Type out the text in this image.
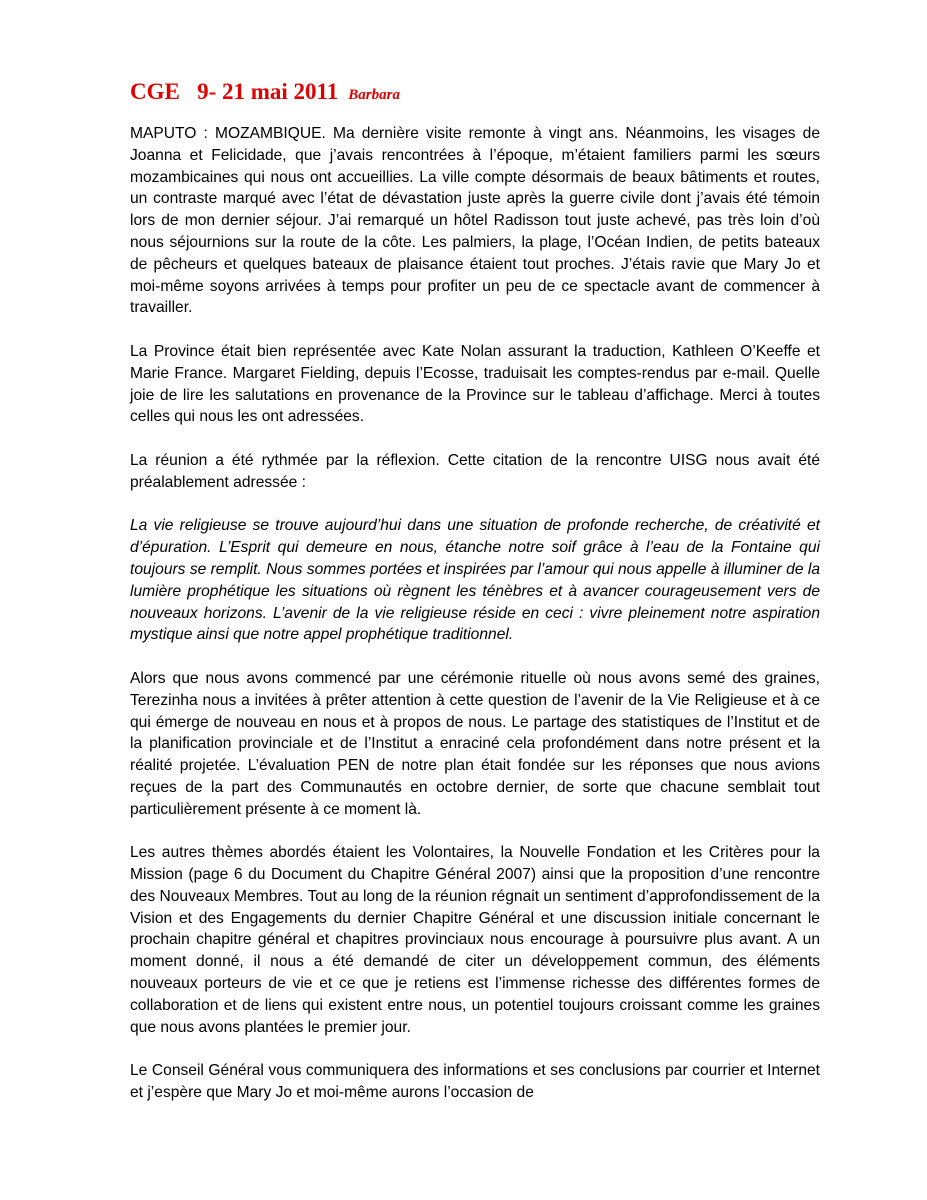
CGE   9- 21 mai 2011 Barbara

MAPUTO : MOZAMBIQUE. Ma dernière visite remonte à vingt ans. Néanmoins, les visages de Joanna et Felicidade, que j’avais rencontrées à l’époque, m’étaient familiers parmi les sœurs mozambicaines qui nous ont accueillies. La ville compte désormais de beaux bâtiments et routes, un contraste marqué avec l’état de dévastation juste après la guerre civile dont j’avais été témoin lors de mon dernier séjour. J’ai remarqué un hôtel Radisson tout juste achevé, pas très loin d’où nous séjournions sur la route de la côte. Les palmiers, la plage, l’Océan Indien, de petits bateaux de pêcheurs et quelques bateaux de plaisance étaient tout proches. J’étais ravie que Mary Jo et moi-même soyons arrivées à temps pour profiter un peu de ce spectacle avant de commencer à travailler.

La Province était bien représentée avec Kate Nolan assurant la traduction, Kathleen O’Keeffe et Marie France. Margaret Fielding, depuis l’Ecosse, traduisait les comptes-rendus par e-mail. Quelle joie de lire les salutations en provenance de la Province sur le tableau d’affichage. Merci à toutes celles qui nous les ont adressées.

La réunion a été rythmée par la réflexion. Cette citation de la rencontre UISG nous avait été préalablement adressée :

La vie religieuse se trouve aujourd’hui dans une situation de profonde recherche, de créativité et d’épuration. L’Esprit qui demeure en nous, étanche notre soif grâce à l’eau de la Fontaine qui toujours se remplit. Nous sommes portées et inspirées par l’amour qui nous appelle à illuminer de la lumière prophétique les situations où règnent les ténèbres et à avancer courageusement vers de nouveaux horizons. L’avenir de la vie religieuse réside en ceci : vivre pleinement notre aspiration mystique ainsi que notre appel prophétique traditionnel.

Alors que nous avons commencé par une cérémonie rituelle où nous avons semé des graines, Terezinha nous a invitées à prêter attention à cette question de l’avenir de la Vie Religieuse et à ce qui émerge de nouveau en nous et à propos de nous. Le partage des statistiques de l’Institut et de la planification provinciale et de l’Institut a enraciné cela profondément dans notre présent et la réalité projetée. L’évaluation PEN de notre plan était fondée sur les réponses que nous avions reçues de la part des Communautés en octobre dernier, de sorte que chacune semblait tout particulièrement présente à ce moment là.

Les autres thèmes abordés étaient les Volontaires, la Nouvelle Fondation et les Critères pour la Mission (page 6 du Document du Chapitre Général 2007) ainsi que la proposition d’une rencontre des Nouveaux Membres. Tout au long de la réunion régnait un sentiment d’approfondissement de la Vision et des Engagements du dernier Chapitre Général et une discussion initiale concernant le prochain chapitre général et chapitres provinciaux nous encourage à poursuivre plus avant. A un moment donné, il nous a été demandé de citer un développement commun, des éléments nouveaux porteurs de vie et ce que je retiens est l’immense richesse des différentes formes de collaboration et de liens qui existent entre nous, un potentiel toujours croissant comme les graines que nous avons plantées le premier jour.

Le Conseil Général vous communiquera des informations et ses conclusions par courrier et Internet et j’espère que Mary Jo et moi-même aurons l’occasion de
